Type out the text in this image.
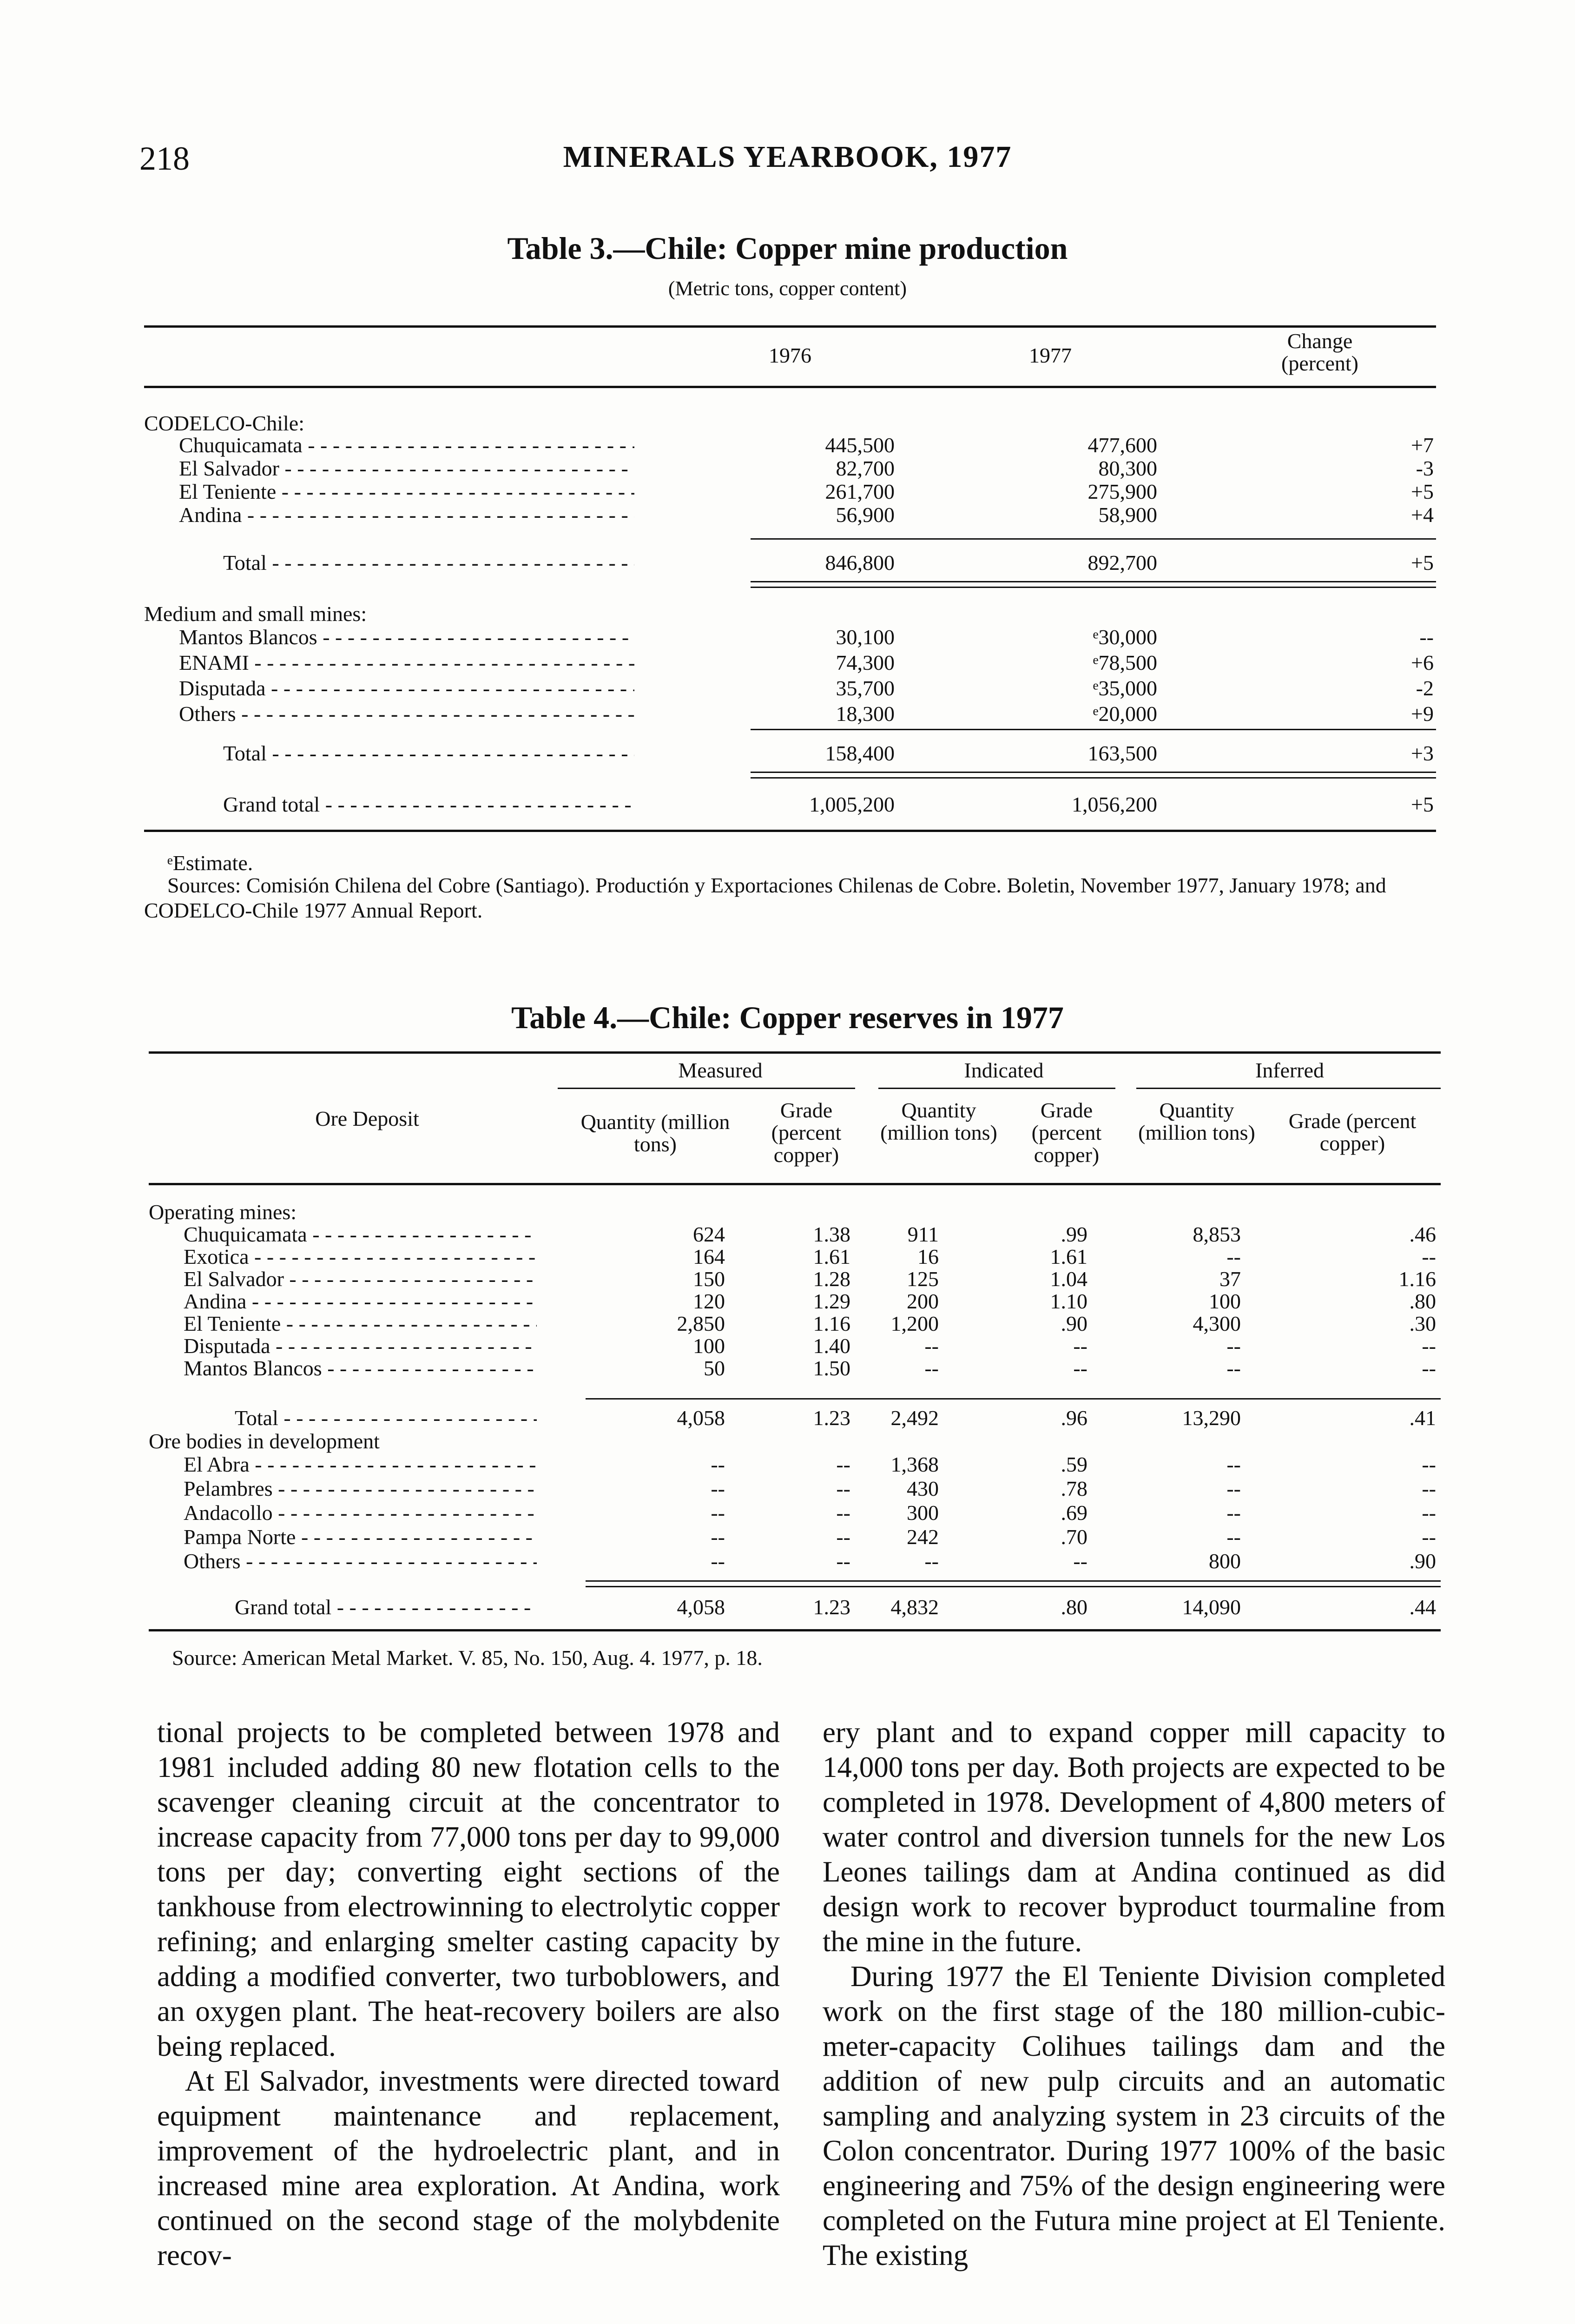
218	MINERALS YEARBOOK, 1977
Table 3.—Chile: Copper mine production
(Metric tons, copper content)
1976	1977
Change
(percent)
CODELCO-Chile:
Chuquicamata - - -	445,500	477,600	+7
El Salvador - - -	82,700	80,300	-3
El Teniente - - -	261,700	275,900	+5
Andina - - -	56,900	58,900	+4
Total - - -	846,800	892,700	+5
Medium and small mines:
Mantos Blancos - - -	30,100	ᵉ30,000	--
ENAMI - - -	74,300	ᵉ78,500	+6
Disputada - - -	35,700	ᵉ35,000	-2
Others - - -	18,300	ᵉ20,000	+9
Total - - -	158,400	163,500	+3
Grand total - - -	1,005,200	1,056,200	+5
ᵉEstimate.
Sources: Comisión Chilena del Cobre (Santiago). Productión y Exportaciones Chilenas de Cobre. Boletin, November 1977, January 1978; and CODELCO-Chile 1977 Annual Report.
Table 4.—Chile: Copper reserves in 1977
Measured	Indicated	Inferred
Ore Deposit	Quantity (million tons)
Grade (percent copper)
Quantity (million tons)
Grade (percent copper)
Quantity (million tons)	Grade (percent copper)
Operating mines:
Chuquicamata - - -	624	1.38	911	.99	8,853	.46
Exotica - - -	164	1.61	16	1.61	--	--
El Salvador - - -	150	1.28	125	1.04	37	1.16
Andina - - -	120	1.29	200	1.10	100	.80
El Teniente - - -	2,850	1.16 1,200	.90	4,300	.30
Disputada - - -	100	1.40	--	--	--	--
Mantos Blancos - - -	50	1.50	--	--	--	--
Total - - -	4,058	1.23 2,492	.96	13,290	.41
Ore bodies in development
El Abra - - -	--	-- 1,368	.59	--	--
Pelambres - - -	--	--	430	.78	--	--
Andacollo - - -	--	--	300	.69	--	--
Pampa Norte - - -	--	--	242	.70	--	--
Others - - -	--	--	--	--	800	.90
Grand total - - -	4,058	1.23 4,832	.80	14,090	.44
Source: American Metal Market. V. 85, No. 150, Aug. 4. 1977, p. 18.

tional projects to be completed between 1978 and 1981 included adding 80 new flotation cells to the scavenger cleaning circuit at the concentrator to increase capacity from 77,000 tons per day to 99,000 tons per day; converting eight sections of the tankhouse from electrowinning to electrolytic copper refining; and enlarging smelter casting capacity by adding a modified converter, two turboblowers, and an oxygen plant. The heat-recovery boilers are also being replaced.

At El Salvador, investments were directed toward equipment maintenance and replacement, improvement of the hydroelectric plant, and in increased mine area exploration. At Andina, work continued on the second stage of the molybdenite recov-

ery plant and to expand copper mill capacity to 14,000 tons per day. Both projects are expected to be completed in 1978. Development of 4,800 meters of water control and diversion tunnels for the new Los Leones tailings dam at Andina continued as did design work to recover byproduct tourmaline from the mine in the future.

During 1977 the El Teniente Division completed work on the first stage of the 180 million-cubic-meter-capacity Colihues tailings dam and the addition of new pulp circuits and an automatic sampling and analyzing system in 23 circuits of the Colon concentrator. During 1977 100% of the basic engineering and 75% of the design engineering were completed on the Futura mine project at El Teniente. The existing
